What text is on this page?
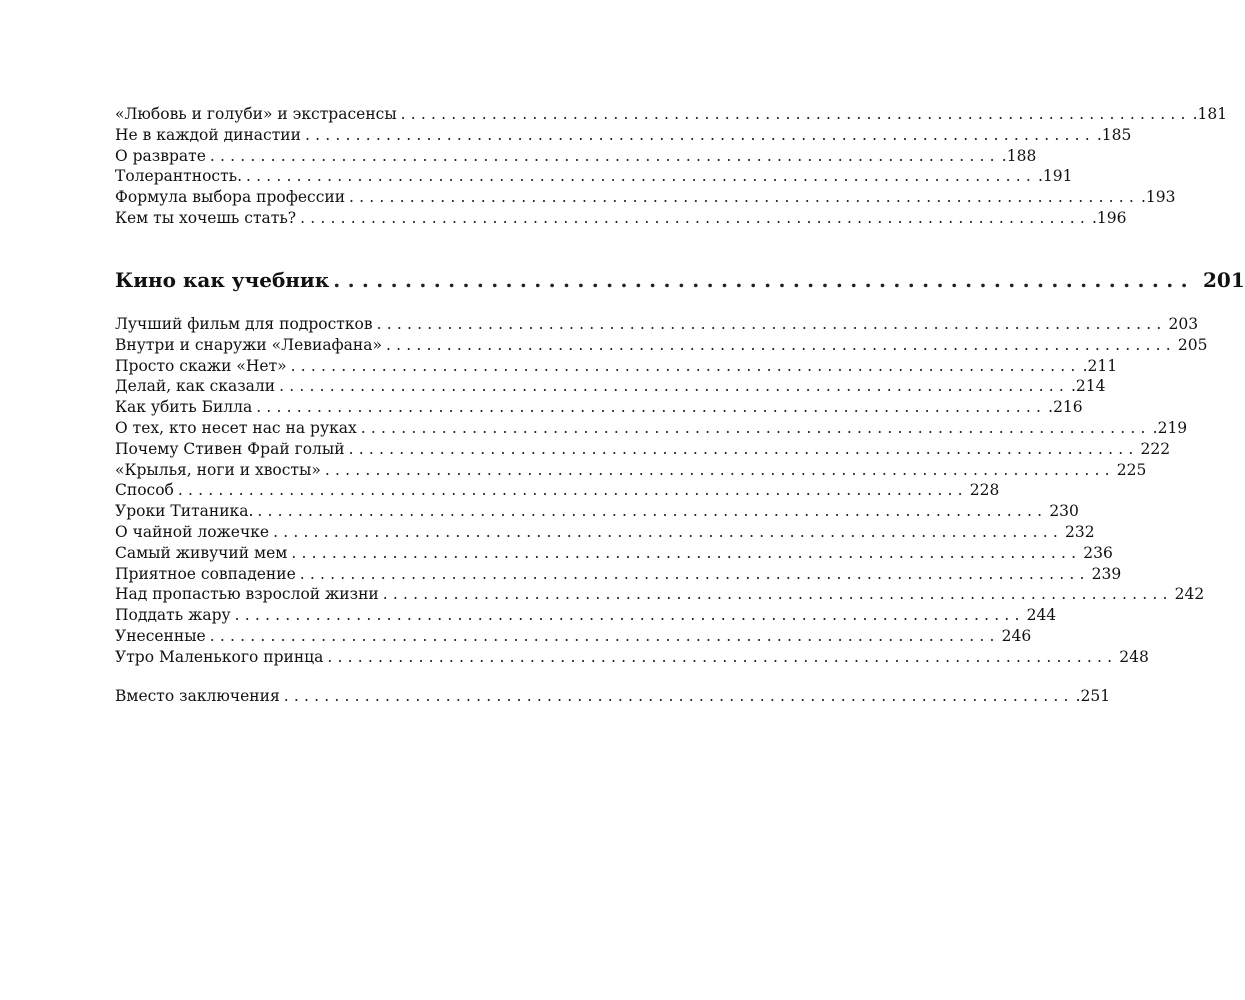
«Любовь и голуби» и экстрасенсы .............................................................................. .181
Не в каждой династии .............................................................................. .185
О разврате .............................................................................. .188
Толерантность. .............................................................................. .191
Формула выбора профессии .............................................................................. .193
Кем ты хочешь стать? .............................................................................. .196
Кино как учебник ............................................................ 201
Лучший фильм для подростков .............................................................................. 203
Внутри и снаружи «Левиафана» .............................................................................. 205
Просто скажи «Нет» .............................................................................. .211
Делай, как сказали .............................................................................. .214
Как убить Билла .............................................................................. .216
О тех, кто несет нас на руках .............................................................................. .219
Почему Стивен Фрай голый .............................................................................. 222
«Крылья, ноги и хвосты» .............................................................................. 225
Способ .............................................................................. 228
Уроки Титаника. .............................................................................. 230
О чайной ложечке .............................................................................. 232
Самый живучий мем .............................................................................. 236
Приятное совпадение .............................................................................. 239
Над пропастью взрослой жизни .............................................................................. 242
Поддать жару .............................................................................. 244
Унесенные .............................................................................. 246
Утро Маленького принца .............................................................................. 248
Вместо заключения .............................................................................. .251
